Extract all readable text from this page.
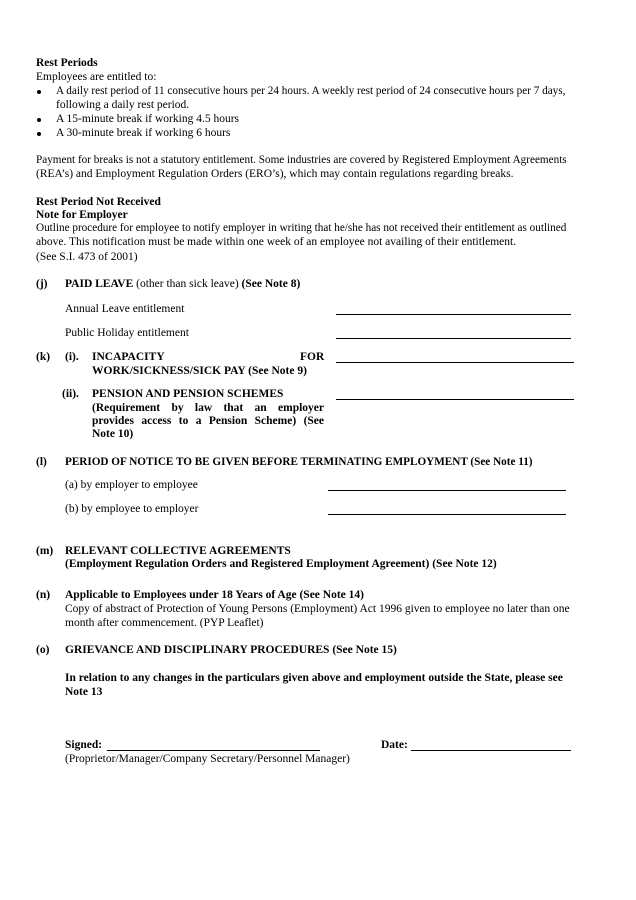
Rest Periods
Employees are entitled to:
A daily rest period of 11 consecutive hours per 24 hours. A weekly rest period of 24 consecutive hours per 7 days,
following a daily rest period.
A 15-minute break if working 4.5 hours
A 30-minute break if working 6 hours
Payment for breaks is not a statutory entitlement. Some industries are covered by Registered Employment Agreements
(REA’s) and Employment Regulation Orders (ERO’s), which may contain regulations regarding breaks.
Rest Period Not Received
Note for Employer
Outline procedure for employee to notify employer in writing that he/she has not received their entitlement as outlined
above. This notification must be made within one week of an employee not availing of their entitlement.
(See S.I. 473 of 2001)
(j) PAID LEAVE (other than sick leave) (See Note 8)
Annual Leave entitlement
Public Holiday entitlement
(k) (i). INCAPACITY	FOR
WORK/SICKNESS/SICK PAY (See Note 9)
(ii). PENSION AND PENSION SCHEMES
(Requirement by law that an employer
provides access to a Pension Scheme) (See
Note 10)
(l) PERIOD OF NOTICE TO BE GIVEN BEFORE TERMINATING EMPLOYMENT (See Note 11)
(a) by employer to employee
(b) by employee to employer
(m) RELEVANT COLLECTIVE AGREEMENTS
(Employment Regulation Orders and Registered Employment Agreement) (See Note 12)
(n) Applicable to Employees under 18 Years of Age (See Note 14)
Copy of abstract of Protection of Young Persons (Employment) Act 1996 given to employee no later than one
month after commencement. (PYP Leaflet)
(o) GRIEVANCE AND DISCIPLINARY PROCEDURES (See Note 15)
In relation to any changes in the particulars given above and employment outside the State, please see
Note 13
Signed:	Date:
(Proprietor/Manager/Company Secretary/Personnel Manager)
